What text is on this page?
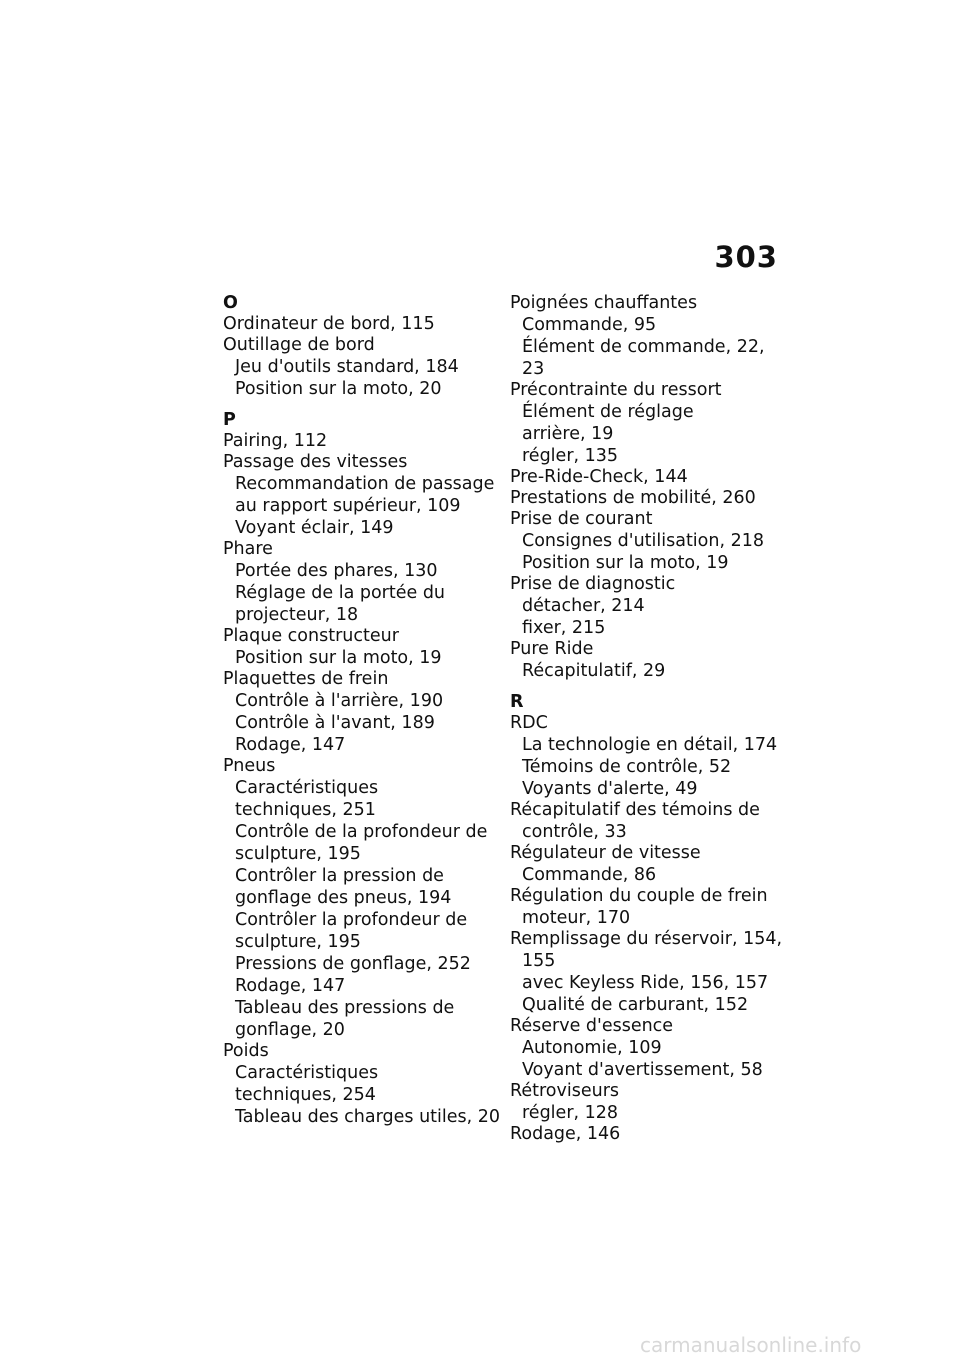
303
O
Ordinateur de bord, 115
Outillage de bord
Jeu d'outils standard, 184
Position sur la moto, 20
P
Pairing, 112
Passage des vitesses
Recommandation de passage
au rapport supérieur, 109
Voyant éclair, 149
Phare
Portée des phares, 130
Réglage de la portée du
projecteur, 18
Plaque constructeur
Position sur la moto, 19
Plaquettes de frein
Contrôle à l'arrière, 190
Contrôle à l'avant, 189
Rodage, 147
Pneus
Caractéristiques
techniques, 251
Contrôle de la profondeur de
sculpture, 195
Contrôler la pression de
gonflage des pneus, 194
Contrôler la profondeur de
sculpture, 195
Pressions de gonflage, 252
Rodage, 147
Tableau des pressions de
gonflage, 20
Poids
Caractéristiques
techniques, 254
Tableau des charges utiles, 20
Poignées chauffantes
Commande, 95
Élément de commande, 22,
23
Précontrainte du ressort
Élément de réglage
arrière, 19
régler, 135
Pre-Ride-Check, 144
Prestations de mobilité, 260
Prise de courant
Consignes d'utilisation, 218
Position sur la moto, 19
Prise de diagnostic
détacher, 214
fixer, 215
Pure Ride
Récapitulatif, 29
R
RDC
La technologie en détail, 174
Témoins de contrôle, 52
Voyants d'alerte, 49
Récapitulatif des témoins de
contrôle, 33
Régulateur de vitesse
Commande, 86
Régulation du couple de frein
moteur, 170
Remplissage du réservoir, 154,
155
avec Keyless Ride, 156, 157
Qualité de carburant, 152
Réserve d'essence
Autonomie, 109
Voyant d'avertissement, 58
Rétroviseurs
régler, 128
Rodage, 146
carmanualsonline.info
